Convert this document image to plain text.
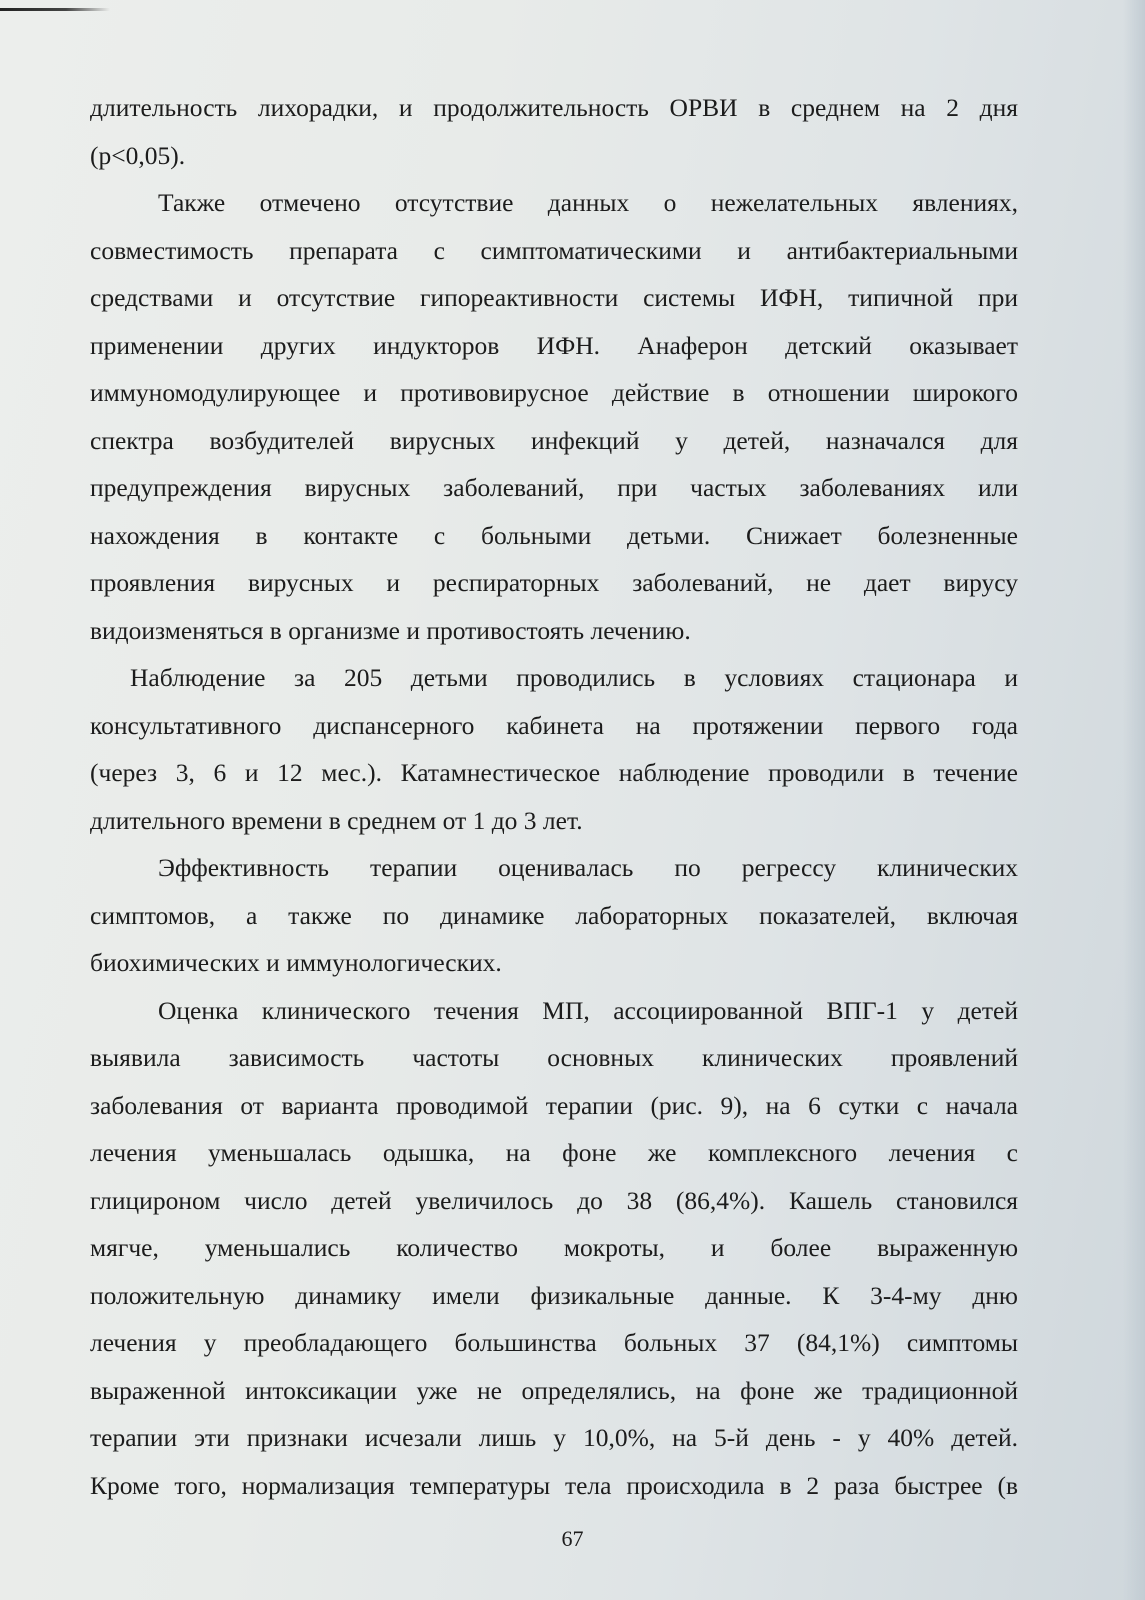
длительность лихорадки, и продолжительность ОРВИ в среднем на 2 дня
(р<0,05).
Также отмечено отсутствие данных о нежелательных явлениях,
совместимость препарата с симптоматическими и антибактериальными
средствами и отсутствие гипореактивности системы ИФН, типичной при
применении других индукторов ИФН. Анаферон детский оказывает
иммуномодулирующее и противовирусное действие в отношении широкого
спектра возбудителей вирусных инфекций у детей, назначался для
предупреждения вирусных заболеваний, при частых заболеваниях или
нахождения в контакте с больными детьми. Снижает болезненные
проявления вирусных и респираторных заболеваний, не дает вирусу
видоизменяться в организме и противостоять лечению.
Наблюдение за 205 детьми проводились в условиях стационара и
консультативного диспансерного кабинета на протяжении первого года
(через 3, 6 и 12 мес.). Катамнестическое наблюдение проводили в течение
длительного времени в среднем от 1 до 3 лет.
Эффективность терапии оценивалась по регрессу клинических
симптомов, а также по динамике лабораторных показателей, включая
биохимических и иммунологических.
Оценка клинического течения МП, ассоциированной ВПГ-1 у детей
выявила зависимость частоты основных клинических проявлений
заболевания от варианта проводимой терапии (рис. 9), на 6 сутки с начала
лечения уменьшалась одышка, на фоне же комплексного лечения с
глициpоном число детей увеличилось до 38 (86,4%). Кашель становился
мягче, уменьшались количество мокроты, и более выраженную
положительную динамику имели физикальные данные. К 3-4-му дню
лечения у преобладающего большинства больных 37 (84,1%) симптомы
выраженной интоксикации уже не определялись, на фоне же традиционной
терапии эти признаки исчезали лишь у 10,0%, на 5-й день - у 40% детей.
Кроме того, нормализация температуры тела происходила в 2 раза быстрее (в
67
